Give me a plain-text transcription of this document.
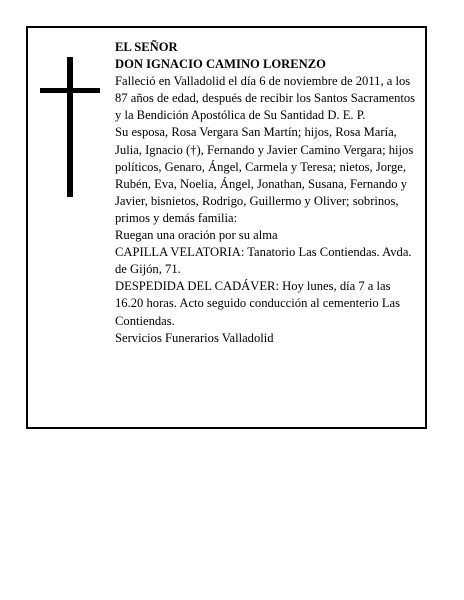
EL SEÑOR

DON IGNACIO CAMINO LORENZO

Falleció en Valladolid el día 6 de noviembre de 2011, a los 87 años de edad, después de recibir los Santos Sacramentos y la Bendición Apostólica de Su Santidad D. E. P.

Su esposa, Rosa Vergara San Martín; hijos, Rosa María, Julia, Ignacio (†), Fernando y Javier Camino Vergara; hijos políticos, Genaro, Ángel, Carmela y Teresa; nietos, Jorge, Rubén, Eva, Noelia, Ángel, Jonathan, Susana, Fernando y Javier, bisnietos, Rodrigo, Guillermo y Oliver; sobrinos, primos y demás familia:

Ruegan una oración por su alma

CAPILLA VELATORIA: Tanatorio Las Contiendas. Avda. de Gijón, 71.

DESPEDIDA DEL CADÁVER: Hoy lunes, día 7 a las 16.20 horas. Acto seguido conducción al cementerio Las Contiendas.

Servicios Funerarios Valladolid
